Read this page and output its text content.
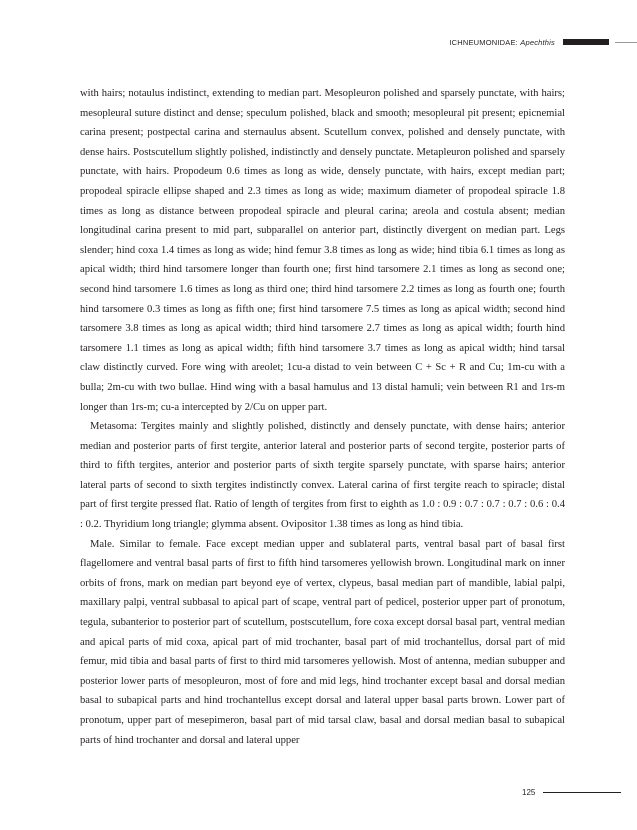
ICHNEUMONIDAE: Apechthis

with hairs; notaulus indistinct, extending to median part. Mesopleuron polished and sparsely punctate, with hairs; mesopleural suture distinct and dense; speculum polished, black and smooth; mesopleural pit present; epicnemial carina present; postpectal carina and sternaulus absent. Scutellum convex, polished and densely punctate, with dense hairs. Postscutellum slightly polished, indistinctly and densely punctate. Metapleuron polished and sparsely punctate, with hairs. Propodeum 0.6 times as long as wide, densely punctate, with hairs, except median part; propodeal spiracle ellipse shaped and 2.3 times as long as wide; maximum diameter of propodeal spiracle 1.8 times as long as distance between propodeal spiracle and pleural carina; areola and costula absent; median longitudinal carina present to mid part, subparallel on anterior part, distinctly divergent on median part. Legs slender; hind coxa 1.4 times as long as wide; hind femur 3.8 times as long as wide; hind tibia 6.1 times as long as apical width; third hind tarsomere longer than fourth one; first hind tarsomere 2.1 times as long as second one; second hind tarsomere 1.6 times as long as third one; third hind tarsomere 2.2 times as long as fourth one; fourth hind tarsomere 0.3 times as long as fifth one; first hind tarsomere 7.5 times as long as apical width; second hind tarsomere 3.8 times as long as apical width; third hind tarsomere 2.7 times as long as apical width; fourth hind tarsomere 1.1 times as long as apical width; fifth hind tarsomere 3.7 times as long as apical width; hind tarsal claw distinctly curved. Fore wing with areolet; 1cu-a distad to vein between C + Sc + R and Cu; 1m-cu with a bulla; 2m-cu with two bullae. Hind wing with a basal hamulus and 13 distal hamuli; vein between R1 and 1rs-m longer than 1rs-m; cu-a intercepted by 2/Cu on upper part.

Metasoma: Tergites mainly and slightly polished, distinctly and densely punctate, with dense hairs; anterior median and posterior parts of first tergite, anterior lateral and posterior parts of second tergite, posterior parts of third to fifth tergites, anterior and posterior parts of sixth tergite sparsely punctate, with sparse hairs; anterior lateral parts of second to sixth tergites indistinctly convex. Lateral carina of first tergite reach to spiracle; distal part of first tergite pressed flat. Ratio of length of tergites from first to eighth as 1.0 : 0.9 : 0.7 : 0.7 : 0.7 : 0.6 : 0.4 : 0.2. Thyridium long triangle; glymma absent. Ovipositor 1.38 times as long as hind tibia.

Male. Similar to female. Face except median upper and sublateral parts, ventral basal part of basal first flagellomere and ventral basal parts of first to fifth hind tarsomeres yellowish brown. Longitudinal mark on inner orbits of frons, mark on median part beyond eye of vertex, clypeus, basal median part of mandible, labial palpi, maxillary palpi, ventral subbasal to apical part of scape, ventral part of pedicel, posterior upper part of pronotum, tegula, subanterior to posterior part of scutellum, postscutellum, fore coxa except dorsal basal part, ventral median and apical parts of mid coxa, apical part of mid trochanter, basal part of mid trochantellus, dorsal part of mid femur, mid tibia and basal parts of first to third mid tarsomeres yellowish. Most of antenna, median subupper and posterior lower parts of mesopleuron, most of fore and mid legs, hind trochanter except basal and dorsal median basal to subapical parts and hind trochantellus except dorsal and lateral upper basal parts brown. Lower part of pronotum, upper part of mesepimeron, basal part of mid tarsal claw, basal and dorsal median basal to subapical parts of hind trochanter and dorsal and lateral upper

125
